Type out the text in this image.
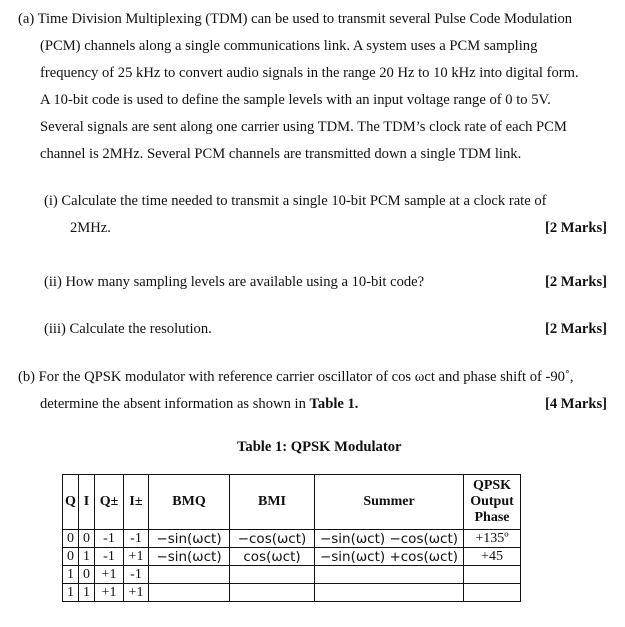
(a) Time Division Multiplexing (TDM) can be used to transmit several Pulse Code Modulation
(PCM) channels along a single communications link. A system uses a PCM sampling
frequency of 25 kHz to convert audio signals in the range 20 Hz to 10 kHz into digital form.
A 10-bit code is used to define the sample levels with an input voltage range of 0 to 5V.
Several signals are sent along one carrier using TDM. The TDM’s clock rate of each PCM
channel is 2MHz. Several PCM channels are transmitted down a single TDM link.
(i) Calculate the time needed to transmit a single 10-bit PCM sample at a clock rate of
2MHz.	[2 Marks]
(ii) How many sampling levels are available using a 10-bit code?	[2 Marks]
(iii) Calculate the resolution.	[2 Marks]
(b) For the QPSK modulator with reference carrier oscillator of cos ωct and phase shift of -90˚,
determine the absent information as shown in Table 1.	[4 Marks]
Table 1: QPSK Modulator
Q	I	Q±	I±	BMQ	BMI	Summer	QPSK
Output
Phase

0	0	-1	-1	−sin(ωct)	−cos(ωct)	−sin(ωct) −cos(ωct)	+135º
0	1	-1	+1	−sin(ωct)	cos(ωct)	−sin(ωct) +cos(ωct)	+45
1	0	+1	-1				
1	1	+1	+1				
